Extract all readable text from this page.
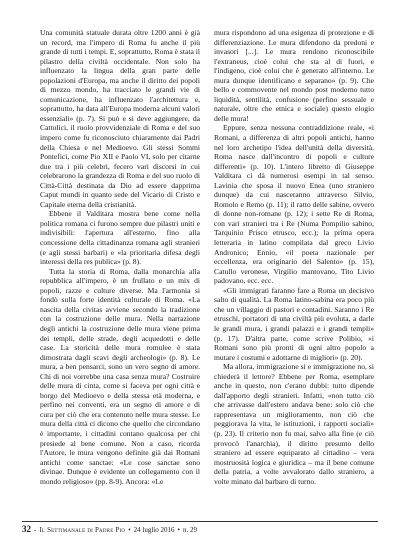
Una comunità statuale durata oltre 1200 anni è già un record, ma l'impero di Roma fu anche il più grande di tutti i tempi. E, soprattutto, Roma è stata il pilastro della civiltà occidentale. Non solo ha influenzato la lingua della gran parte delle popolazioni d'Europa, ma anche il diritto dei popoli di mezzo mondo, ha tracciato le grandi vie di comunicazione, ha influenzato l'architettura e, soprattutto, ha data all'Europa moderna alcuni valori essenziali» (p. 7). Si può e si deve aggiungere, da Cattolici, il ruolo provvidenziale di Roma e del suo impero come fu riconosciuto chiaramente dai Padri della Chiesa e nel Medioevo. Gli stessi Sommi Pontefici, come Pio XII e Paolo VI, solo per citarne due tra i più celebri, fecero vari discorsi in cui celebrarono la grandezza di Roma e del suo ruolo di Città-Città destinata da Dio ad essere dapprima Caput mundi in quanto sede del Vicario di Cristo e Capitale eterna della cristianità.

Ebbene il Valditara mostra bene come nella politica romana ci furono sempre due pilastri uniti e indivisibili: l'apertura all'esterno, fino alla concessione della cittadinanza romana agli stranieri (e agli stessi barbari) e «la prioritaria difesa degli interessi della res publica» (p. 8).

Tutta la storia di Roma, dalla monarchia alla repubblica all'impero, è un frullato e un mix di popoli, razze e culture diverse. Ma l'armonia si fondò sulla forte identità culturale di Roma. «La nascita della civitas avviene secondo la tradizione con la costruzione delle mura. Nella narrazione degli antichi la costruzione delle mura viene prima dei templi, delle strade, degli acquedotti e delle case. La storicità delle mura romulee è stata dimostrata dagli scavi degli archeologi» (p. 8). Le mura, a ben pensarci, sono un vero segno di amore. Chi di noi vorrebbe una casa senza mura? Costruire delle mura di cinta, come si faceva per ogni città e borgo del Medioevo e della stessa età moderna, e perfino nei conventi, era un segno di amore e di cura per ciò che era contenuto nelle mura stesse. Le mura della città ci dicono che quello che circondano è importante, i cittadini contano qualcosa per chi presiede al bene comune. Non a caso, ricorda l'Autore, le mura vengono definite già dai Romani antichi come sanctae: «Le cose sanctae sono divinae. Dunque è evidente un collegamento con il mondo religioso» (pp. 8-9). Ancora: «Le

mura rispondono ad una esigenza di protezione e di differenziazione. Le mura difendono da predoni e invasori [...]. Le mura rendono riconoscibile l'extraneus, cioè colui che sta al di fuori, e l'indigeno, cioè colui che è generato all'interno. Le mura dunque identificano e separano» (p. 9). Che bello e commovente nel mondo post moderno tutto liquidità, sentilità, confusione (perfino sessuale e naturale, oltre che etnica e sociale) questo elogio delle mura!

Eppure, senza nessuna contraddizione reale, «i Romani, a differenza di altri popoli antichi, hanno nel loro archetipo l'idea dell'unità della diversità. Roma nasce dall'incontro di popoli e culture differenti» (p. 10). L'intero libretto di Giuseppe Valditara ci dà numerosi esempi in tal senso. Lavinia che sposa il nuovo Enea (uno straniero dunque) da cui nasceranno attraverso Silvio, Romolo e Remo (p. 11); il ratto delle sabine, ovvero di donne non-romane (p. 12); i sette Re di Roma, con vari stranieri tra i Re (Numa Pompilio sabino, Tarquinio Prisco etrusco, ecc.); la prima opera letteraria in latino compilata dal greco Livio Andronico; Ennio, «il poeta nazionale per eccellenza, era originario del Salento» (p. 15), Catullo veronese, Virgilio mantovano, Tito Livio padovano, ecc. ecc.

«Gli immigrati faranno fare a Roma un decisivo salto di qualità. La Roma latino-sabina era poco più che un villaggio di pastori e contadini. Saranno i Re etruschi, portatori di una civiltà più evoluta, a darle le grandi mura, i grandi palazzi e i grandi templi» (p. 17). D'altra parte, come scrive Polibio, «i Romani sono più pronti di ogni altro popolo a mutare i costumi e adottarne di migliori» (p. 20).

Ma allora, immigrazione sì e immigrazione no, si chiederà il lettore? Ebbene per Roma, esemplare anche in questo, non c'erano dubbi: tutto dipende dall'apporto degli stranieri. Infatti, «non tutto ciò che arrivasse dall'estero andava bene: solo ciò che rappresentava un miglioramento, non ciò che peggiorava la vita, le istituzioni, i rapporti sociali» (p. 23). Il criterio non fu mai, salvo alla fine (e ciò provocò l'anarchia), il diritto presunto dello straniero ad essere equiparato al cittadino – vera mostruosità logica e giuridica – ma il bene comune della patria, a volte avvalorato dallo straniero, a volte minato dal barbaro di turno.

32 - Il Settimanale di Padre Pio • 24 luglio 2016 • n. 29
